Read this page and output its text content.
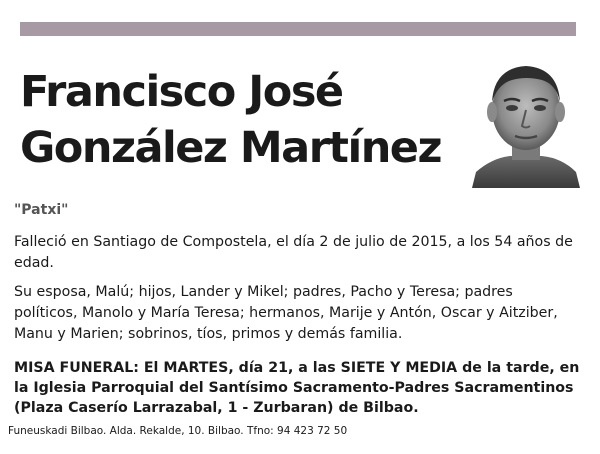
Francisco José
González Martínez
"Patxi"
Falleció en Santiago de Compostela, el día 2 de julio de 2015, a los 54 años de edad.
Su esposa, Malú; hijos, Lander y Mikel; padres, Pacho y Teresa; padres políticos, Manolo y María Teresa; hermanos, Marije y Antón, Oscar y Aitziber, Manu y Marien; sobrinos, tíos, primos y demás familia.
MISA FUNERAL: El MARTES, día 21, a las SIETE Y MEDIA de la tarde, en la Iglesia Parroquial del Santísimo Sacramento-Padres Sacramentinos (Plaza Caserío Larrazabal, 1 - Zurbaran) de Bilbao.
Funeuskadi Bilbao. Alda. Rekalde, 10. Bilbao. Tfno: 94 423 72 50
